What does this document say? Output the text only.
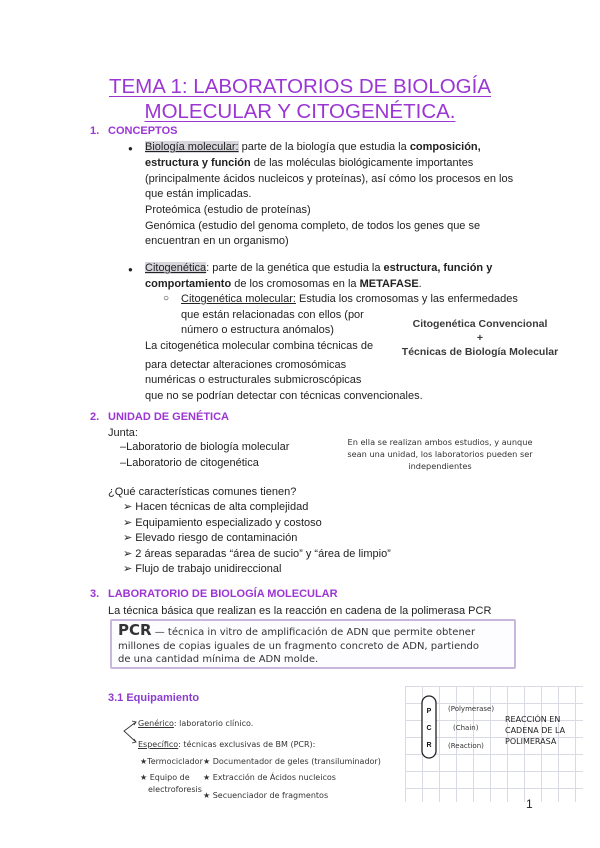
TEMA 1: LABORATORIOS DE BIOLOGÍA
MOLECULAR Y CITOGENÉTICA.
1. CONCEPTOS
● Biología molecular: parte de la biología que estudia la composición,
estructura y función de las moléculas biológicamente importantes
(principalmente ácidos nucleicos y proteínas), así cómo los procesos en los
que están implicadas.
Proteómica (estudio de proteínas)
Genómica (estudio del genoma completo, de todos los genes que se
encuentran en un organismo)
● Citogenética: parte de la genética que estudia la estructura, función y
comportamiento de los cromosomas en la METAFASE.
○ Citogenética molecular: Estudia los cromosomas y las enfermedades
que están relacionadas con ellos (por
número o estructura anómalos)
La citogenética molecular combina técnicas de
para detectar alteraciones cromosómicas
numéricas o estructurales submicroscópicas
que no se podrían detectar con técnicas convencionales.
Citogenética Convencional
+
Técnicas de Biología Molecular
2. UNIDAD DE GENÉTICA
Junta:
–Laboratorio de biología molecular
–Laboratorio de citogenética
En ella se realizan ambos estudios, y aunque
sean una unidad, los laboratorios pueden ser
independientes
¿Qué características comunes tienen?
➢ Hacen técnicas de alta complejidad
➢ Equipamiento especializado y costoso
➢ Elevado riesgo de contaminación
➢ 2 áreas separadas “área de sucio” y “área de limpio”
➢ Flujo de trabajo unidireccional
3. LABORATORIO DE BIOLOGÍA MOLECULAR
La técnica básica que realizan es la reacción en cadena de la polimerasa PCR
PCR — técnica in vitro de amplificación de ADN que permite obtener
millones de copias iguales de un fragmento concreto de ADN, partiendo
de una cantidad mínima de ADN molde.
3.1 Equipamiento
Genérico: laboratorio clínico.
Específico: técnicas exclusivas de BM (PCR):
★Termociclador ★ Documentador de geles (transiluminador)
★ Equipo de ★ Extracción de Ácidos nucleicos
electroforesis
★ Secuenciador de fragmentos
P
C
R
(Polymerase)
(Chain)
(Reaction)
REACCIÓN EN
CADENA DE LA
POLIMERASA
1
